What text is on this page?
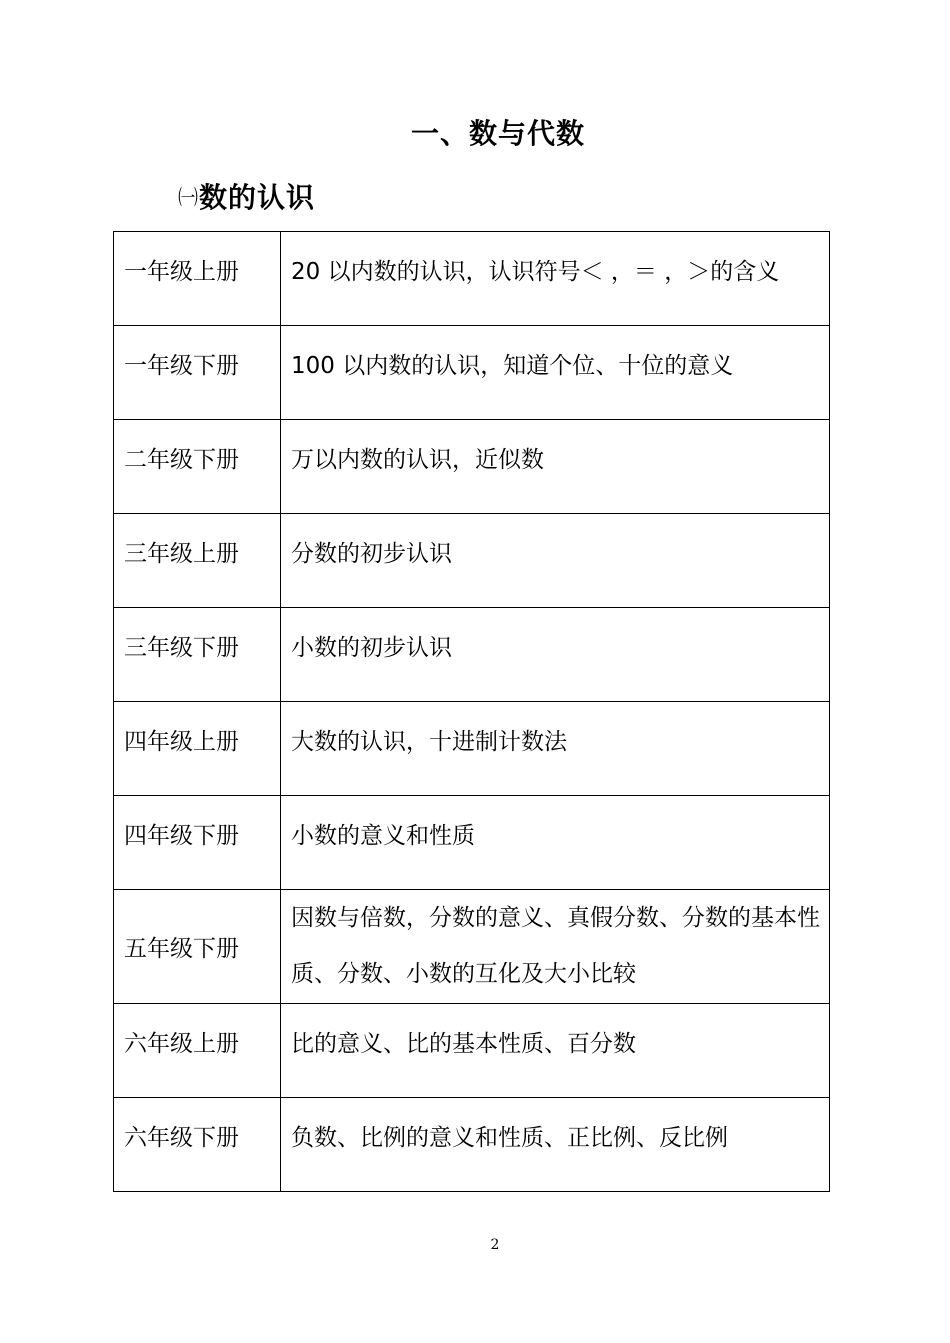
一、数与代数
㈠数的认识
一年级上册	20 以内数的认识，认识符号＜ ，＝ ，＞的含义
一年级下册	100 以内数的认识，知道个位、十位的意义
二年级下册	万以内数的认识，近似数
三年级上册	分数的初步认识
三年级下册	小数的初步认识
四年级上册	大数的认识，十进制计数法
四年级下册	小数的意义和性质
五年级下册	因数与倍数，分数的意义、真假分数、分数的基本性质、分数、小数的互化及大小比较
六年级上册	比的意义、比的基本性质、百分数
六年级下册	负数、比例的意义和性质、正比例、反比例
2
